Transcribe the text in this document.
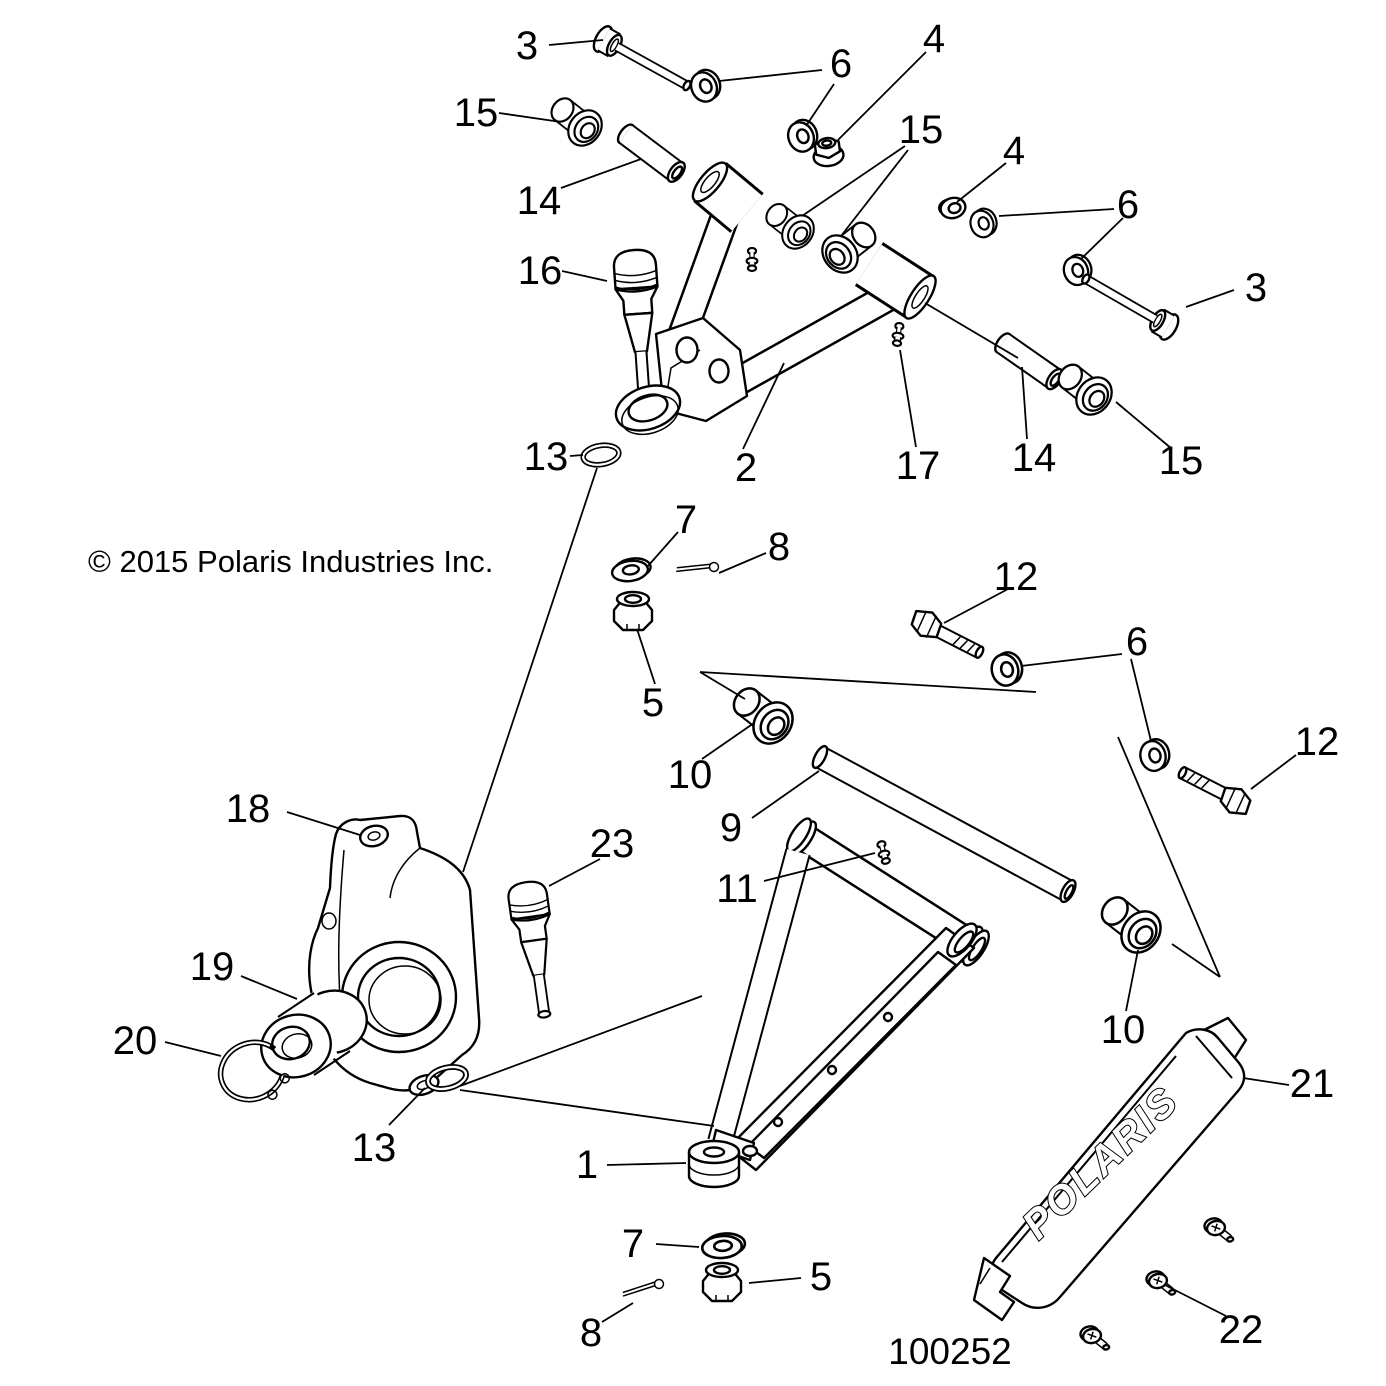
POLARIS
3	6
4
15
14
16
15 4
6
3
13	2	17 14	15
7
8
12
6
5
10
9
12
11
18
23
19
20
13
10
21
1
7
5
8	22
© 2015 Polaris Industries Inc.
100252
